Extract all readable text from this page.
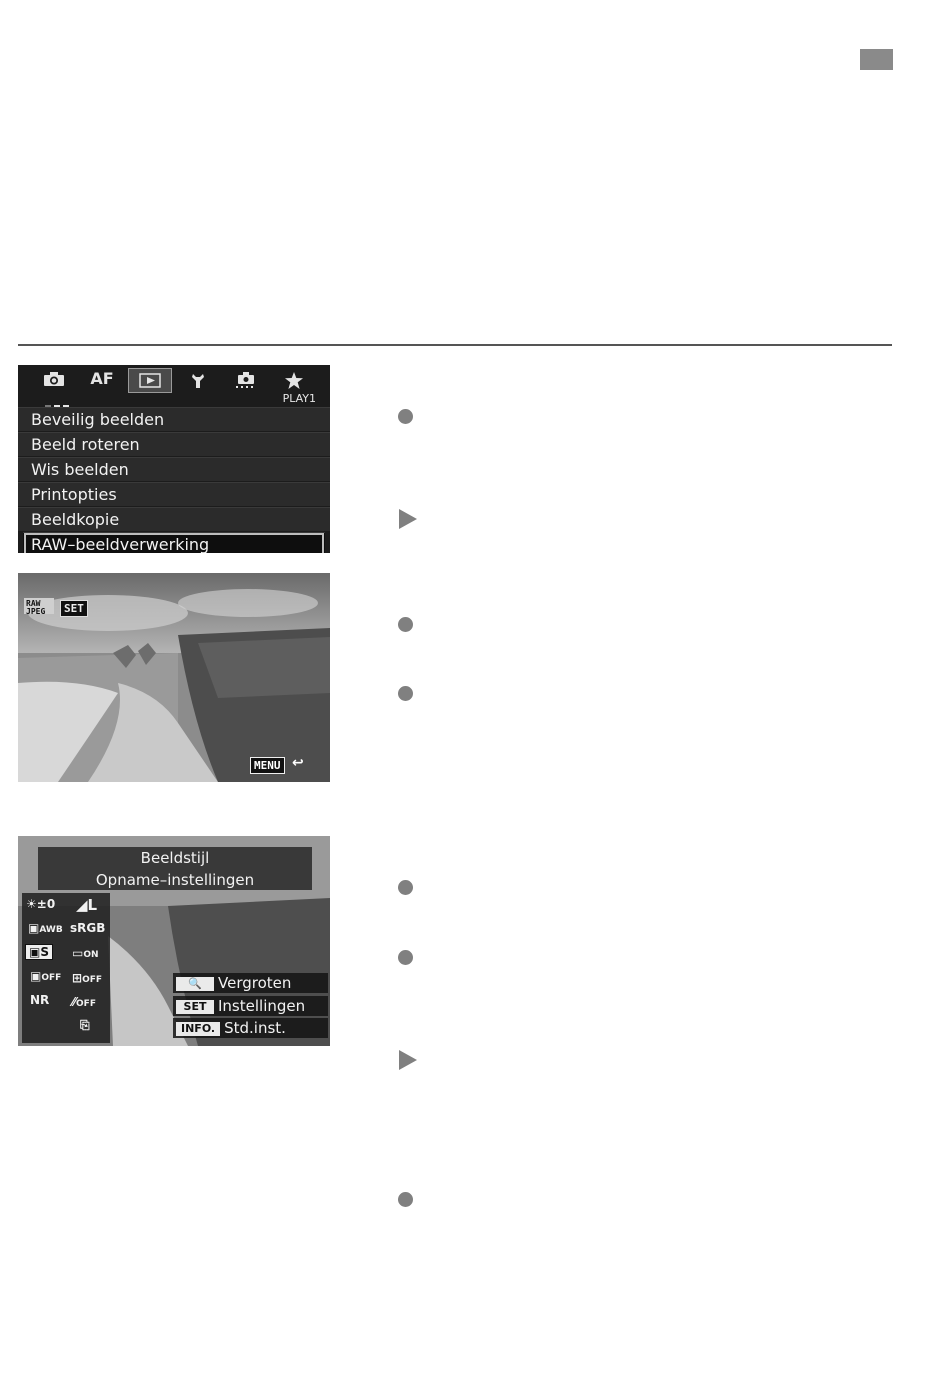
AF
PLAY1
Beveilig beelden
Beeld roteren
Wis beelden
Printopties
Beeldkopie
RAW–beeldverwerking
RAW
JPEG	SET
MENU ↩
Beeldstijl
Opname–instellingen
☀±0 ◢L
▣AWB sRGB
▣S	▭ON
▣OFF ⊞OFF
NR ⁄⁄OFF
⎘
🔍 Vergroten
SET Instellingen
INFO. Std.inst.
